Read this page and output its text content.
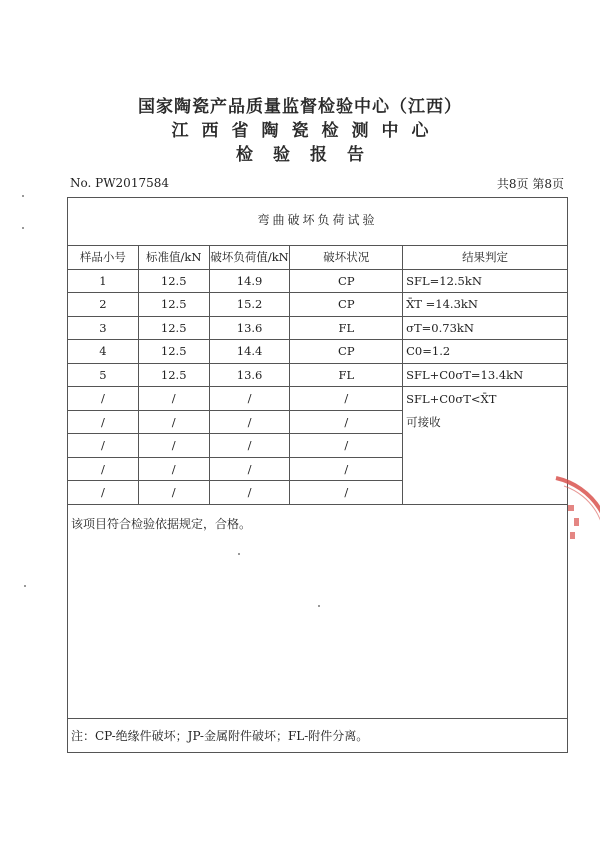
国家陶瓷产品质量监督检验中心（江西）
江西省陶瓷检测中心
检验报告
No. PW2017584	共8页 第8页
弯曲破坏负荷试验
样品小号	标准值/kN	破坏负荷值/kN	破坏状况	结果判定
1	12.5	14.9	CP	SFL=12.5kN
2	12.5	15.2	CP	X̄T =14.3kN
3	12.5	13.6	FL	σT=0.73kN
4	12.5	14.4	CP	C0=1.2
5	12.5	13.6	FL	SFL+C0σT=13.4kN
/	/	/	/	SFL+C0σT<X̄T
/	/	/	/	可接收
/	/	/	/	
/	/	/	/	
/	/	/	/	
该项目符合检验依据规定，合格。
注：CP-绝缘件破坏；JP-金属附件破坏；FL-附件分离。
